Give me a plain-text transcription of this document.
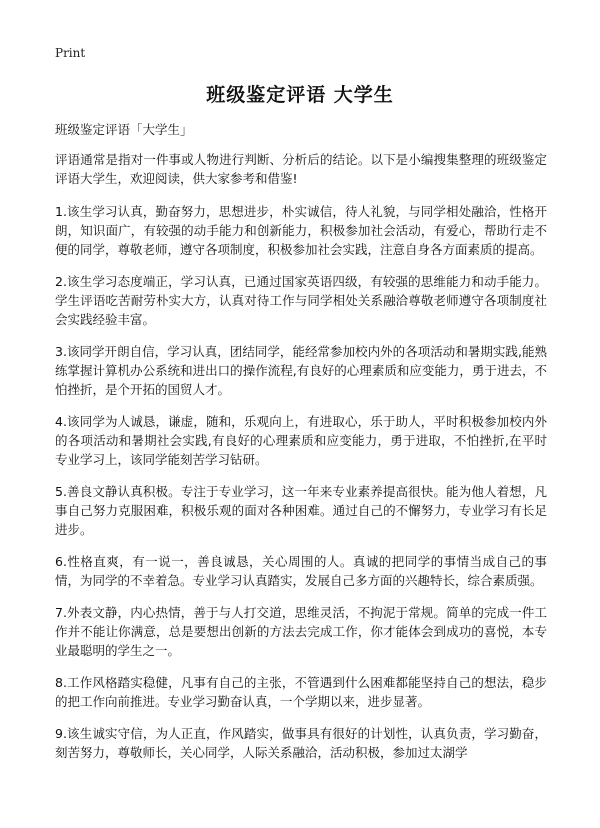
Print
班级鉴定评语 大学生

班级鉴定评语「大学生」

评语通常是指对一件事或人物进行判断、分析后的结论。以下是小编搜集整理的班级鉴定评语大学生，欢迎阅读，供大家参考和借鉴!

1.该生学习认真，勤奋努力，思想进步，朴实诚信，待人礼貌，与同学相处融洽，性格开朗，知识面广，有较强的动手能力和创新能力，积极参加社会活动，有爱心，帮助行走不便的同学，尊敬老师，遵守各项制度，积极参加社会实践，注意自身各方面素质的提高。

2.该生学习态度端正，学习认真，已通过国家英语四级，有较强的思维能力和动手能力。学生评语吃苦耐劳朴实大方，认真对待工作与同学相处关系融洽尊敬老师遵守各项制度社会实践经验丰富。

3.该同学开朗自信，学习认真，团结同学，能经常参加校内外的各项活动和暑期实践,能熟练掌握计算机办公系统和进出口的操作流程,有良好的心理素质和应变能力，勇于进去，不怕挫折，是个开拓的国贸人才。

4.该同学为人诚恳，谦虚，随和，乐观向上，有进取心，乐于助人，平时积极参加校内外的各项活动和暑期社会实践,有良好的心理素质和应变能力，勇于进取，不怕挫折,在平时专业学习上，该同学能刻苦学习钻研。

5.善良文静认真积极。专注于专业学习，这一年来专业素养提高很快。能为他人着想，凡事自己努力克服困难，积极乐观的面对各种困难。通过自己的不懈努力，专业学习有长足进步。

6.性格直爽，有一说一，善良诚恳，关心周围的人。真诚的把同学的事情当成自己的事情，为同学的不幸着急。专业学习认真踏实，发展自己多方面的兴趣特长，综合素质强。

7.外表文静，内心热情，善于与人打交道，思维灵活，不拘泥于常规。简单的完成一件工作并不能让你满意，总是要想出创新的方法去完成工作，你才能体会到成功的喜悦，本专业最聪明的学生之一。

8.工作风格踏实稳健，凡事有自己的主张，不管遇到什么困难都能坚持自己的想法，稳步的把工作向前推进。专业学习勤奋认真，一个学期以来，进步显著。

9.该生诚实守信，为人正直，作风踏实，做事具有很好的计划性，认真负责，学习勤奋，刻苦努力，尊敬师长，关心同学，人际关系融洽，活动积极，参加过太湖学
